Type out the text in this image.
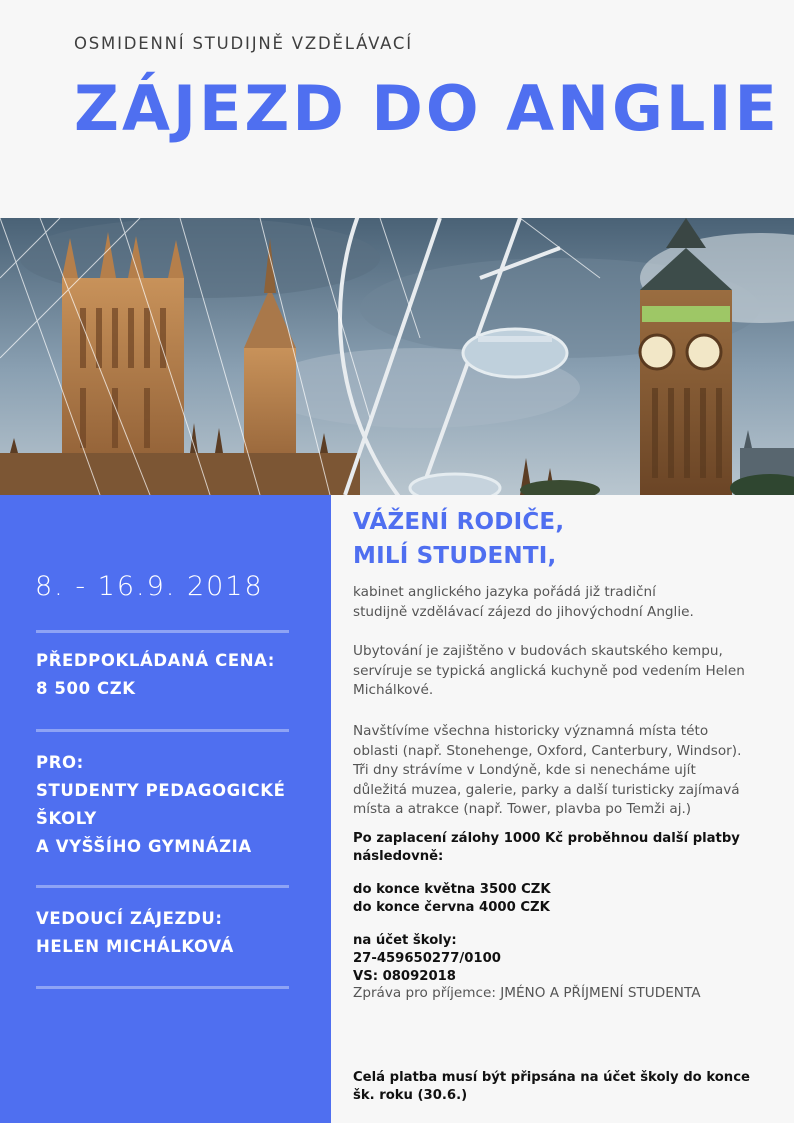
OSMIDENNÍ STUDIJNĚ VZDĚLÁVACÍ
ZÁJEZD DO ANGLIE
8. - 16.9. 2018
PŘEDPOKLÁDANÁ CENA:
8 500 CZK
PRO:
STUDENTY PEDAGOGICKÉ
ŠKOLY
A VYŠŠÍHO GYMNÁZIA
VEDOUCÍ ZÁJEZDU:
HELEN MICHÁLKOVÁ
VÁŽENÍ RODIČE,
MILÍ STUDENTI,
kabinet anglického jazyka pořádá již tradiční
studijně vzdělávací zájezd do jihovýchodní Anglie.
Ubytování je zajištěno v budovách skautského kempu,
servíruje se typická anglická kuchyně pod vedením Helen
Michálkové.
Navštívíme všechna historicky významná místa této
oblasti (např. Stonehenge, Oxford, Canterbury, Windsor).
Tři dny strávíme v Londýně, kde si nenecháme ujít
důležitá muzea, galerie, parky a další turisticky zajímavá
místa a atrakce (např. Tower, plavba po Temži aj.)
Po zaplacení zálohy 1000 Kč proběhnou další platby
následovně:
do konce května 3500 CZK
do konce června 4000 CZK
na účet školy:
27-459650277/0100
VS: 08092018
Zpráva pro příjemce: JMÉNO A PŘÍJMENÍ STUDENTA
Celá platba musí být připsána na účet školy do konce
šk. roku (30.6.)
